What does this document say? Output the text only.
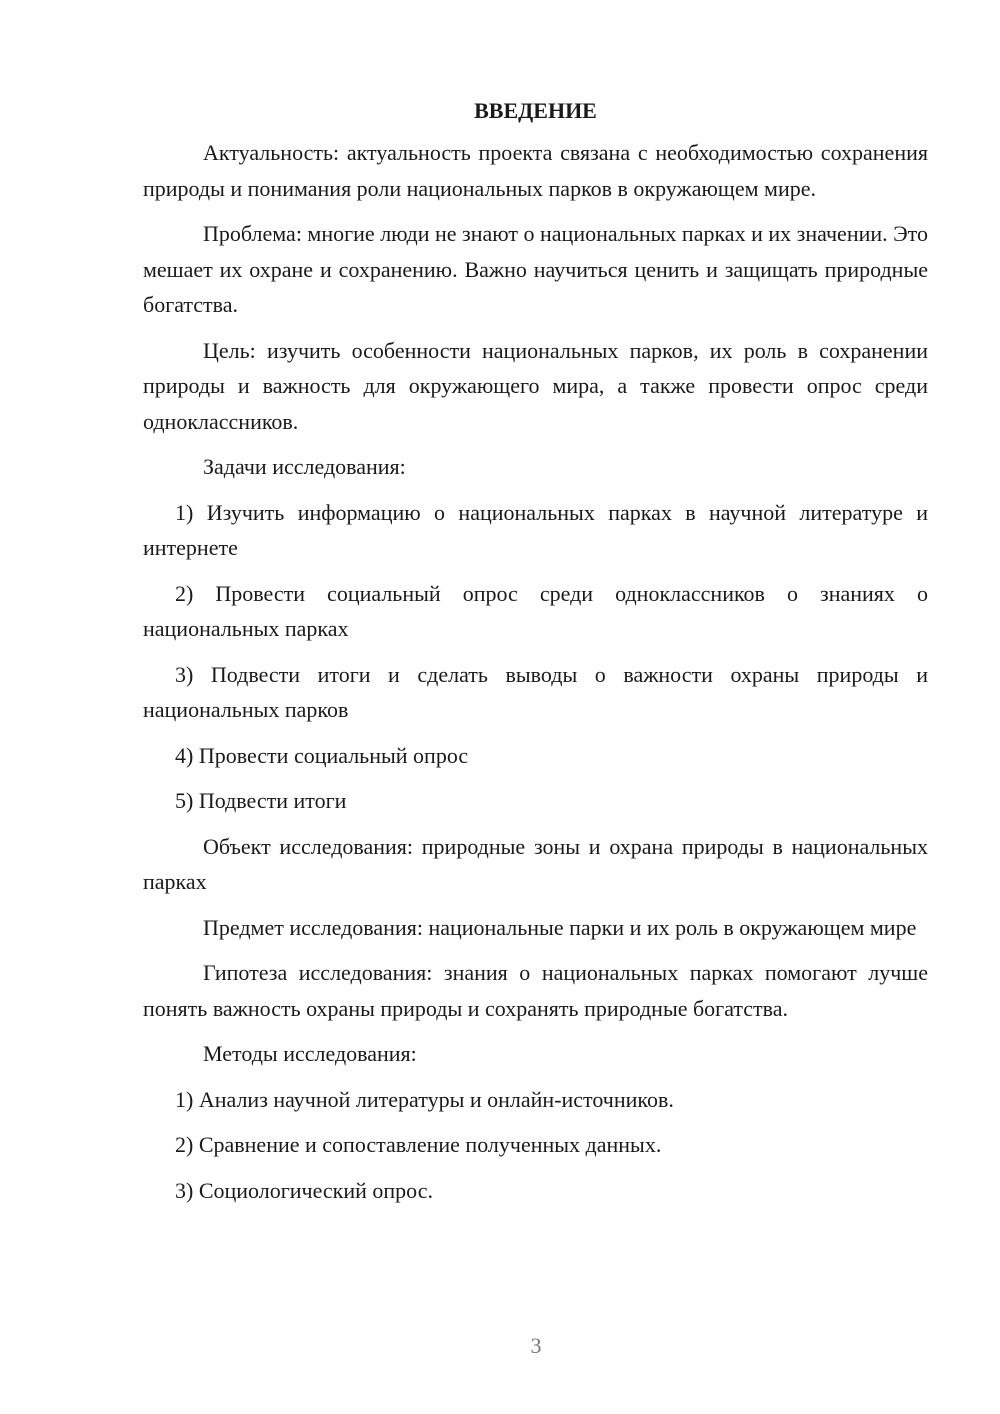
ВВЕДЕНИЕ

Актуальность: актуальность проекта связана с необходимостью сохранения природы и понимания роли национальных парков в окружающем мире.

Проблема: многие люди не знают о национальных парках и их значении. Это мешает их охране и сохранению. Важно научиться ценить и защищать природные богатства.

Цель: изучить особенности национальных парков, их роль в сохранении природы и важность для окружающего мира, а также провести опрос среди одноклассников.

Задачи исследования:

1) Изучить информацию о национальных парках в научной литературе и интернете

2) Провести социальный опрос среди одноклассников о знаниях о национальных парках

3) Подвести итоги и сделать выводы о важности охраны природы и национальных парков

4) Провести социальный опрос

5) Подвести итоги

Объект исследования: природные зоны и охрана природы в национальных парках

Предмет исследования: национальные парки и их роль в окружающем мире

Гипотеза исследования: знания о национальных парках помогают лучше понять важность охраны природы и сохранять природные богатства.

Методы исследования:

1) Анализ научной литературы и онлайн-источников.

2) Сравнение и сопоставление полученных данных.

3) Социологический опрос.

3
